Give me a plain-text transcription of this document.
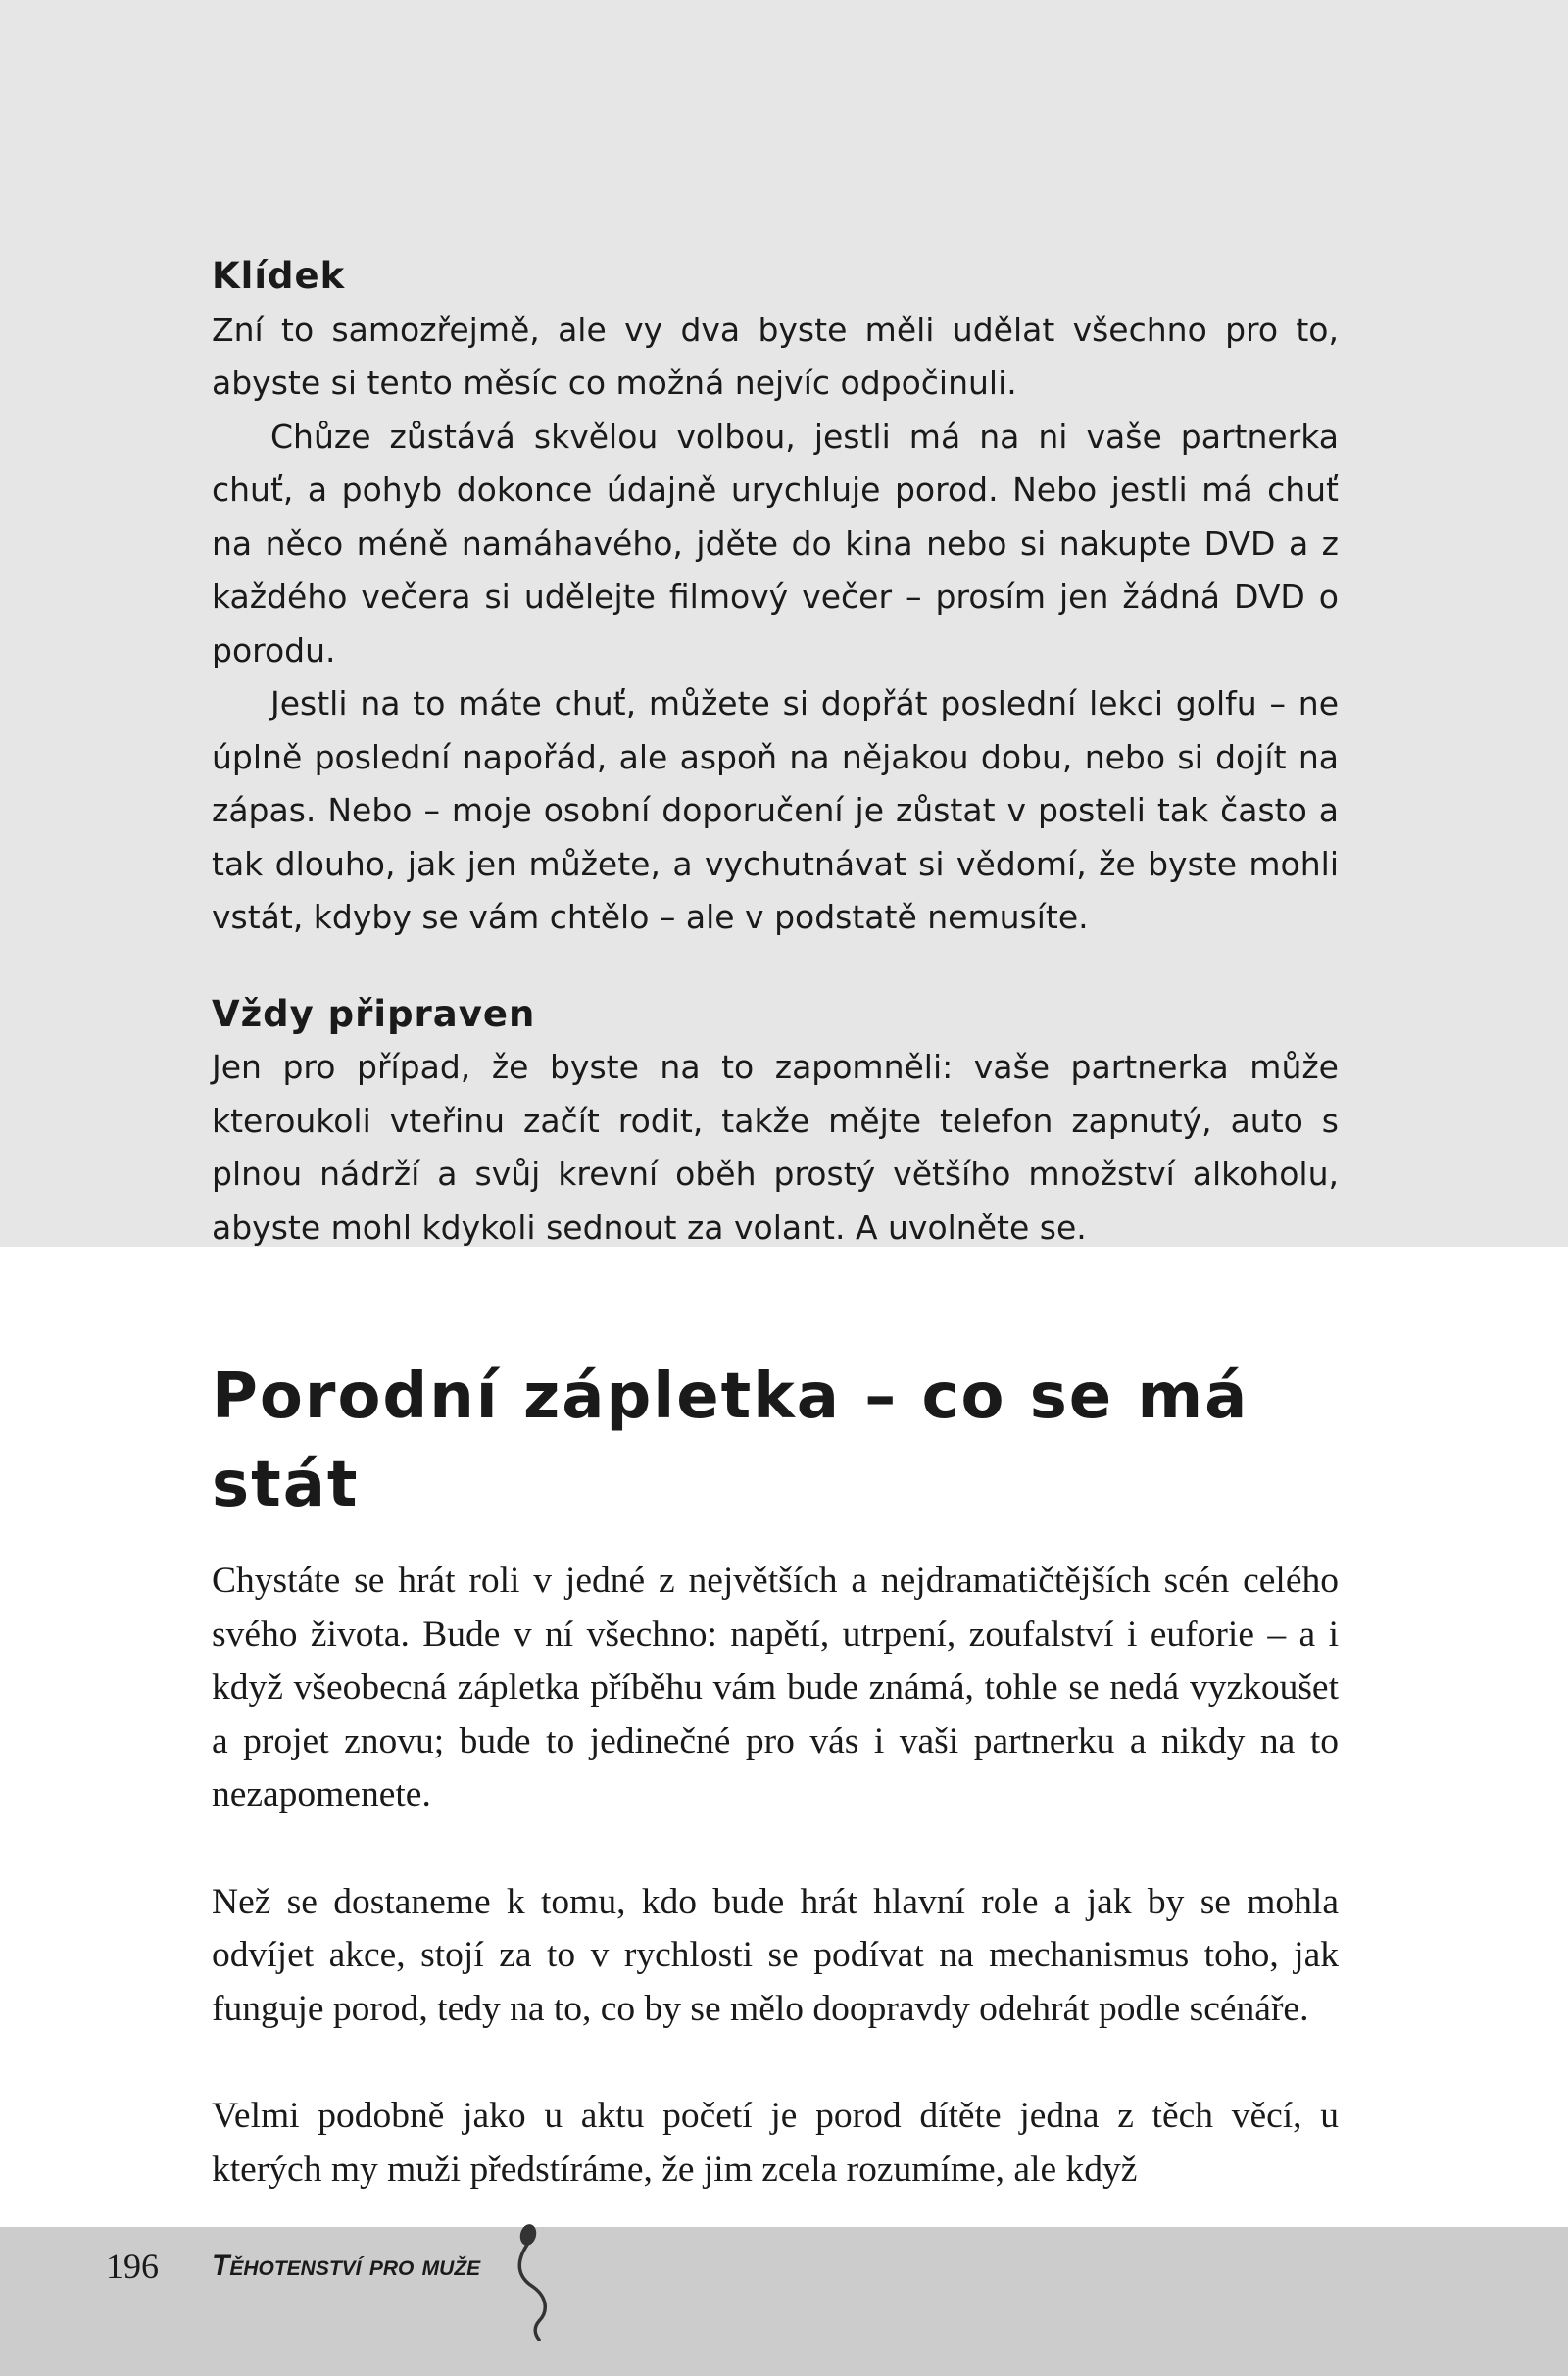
Klídek

Zní to samozřejmě, ale vy dva byste měli udělat všechno pro to, abyste si tento měsíc co možná nejvíc odpočinuli.

Chůze zůstává skvělou volbou, jestli má na ni vaše partnerka chuť, a pohyb dokonce údajně urychluje porod. Nebo jestli má chuť na něco méně namáhavého, jděte do kina nebo si nakupte DVD a z každého večera si udělejte filmový večer – prosím jen žádná DVD o porodu.

Jestli na to máte chuť, můžete si dopřát poslední lekci golfu – ne úplně poslední napořád, ale aspoň na nějakou dobu, nebo si dojít na zápas. Nebo – moje osobní doporučení je zůstat v posteli tak často a tak dlouho, jak jen můžete, a vychutnávat si vědomí, že byste mohli vstát, kdyby se vám chtělo – ale v podstatě nemusíte.

Vždy připraven

Jen pro případ, že byste na to zapomněli: vaše partnerka může kteroukoli vteřinu začít rodit, takže mějte telefon zapnutý, auto s plnou nádrží a svůj krevní oběh prostý většího množství alkoholu, abyste mohl kdykoli sednout za volant. A uvolněte se.

Porodní zápletka – co se má stát

Chystáte se hrát roli v jedné z největších a nejdramatičtějších scén celého svého života. Bude v ní všechno: napětí, utrpení, zoufalství i euforie – a i když všeobecná zápletka příběhu vám bude známá, tohle se nedá vyzkoušet a projet znovu; bude to jedinečné pro vás i vaši partnerku a nikdy na to nezapomenete.

Než se dostaneme k tomu, kdo bude hrát hlavní role a jak by se mohla odvíjet akce, stojí za to v rychlosti se podívat na mechanismus toho, jak funguje porod, tedy na to, co by se mělo doopravdy odehrát podle scénáře.

Velmi podobně jako u aktu početí je porod dítěte jedna z těch věcí, u kterých my muži předstíráme, že jim zcela rozumíme, ale když

196 Těhotenství pro muže
